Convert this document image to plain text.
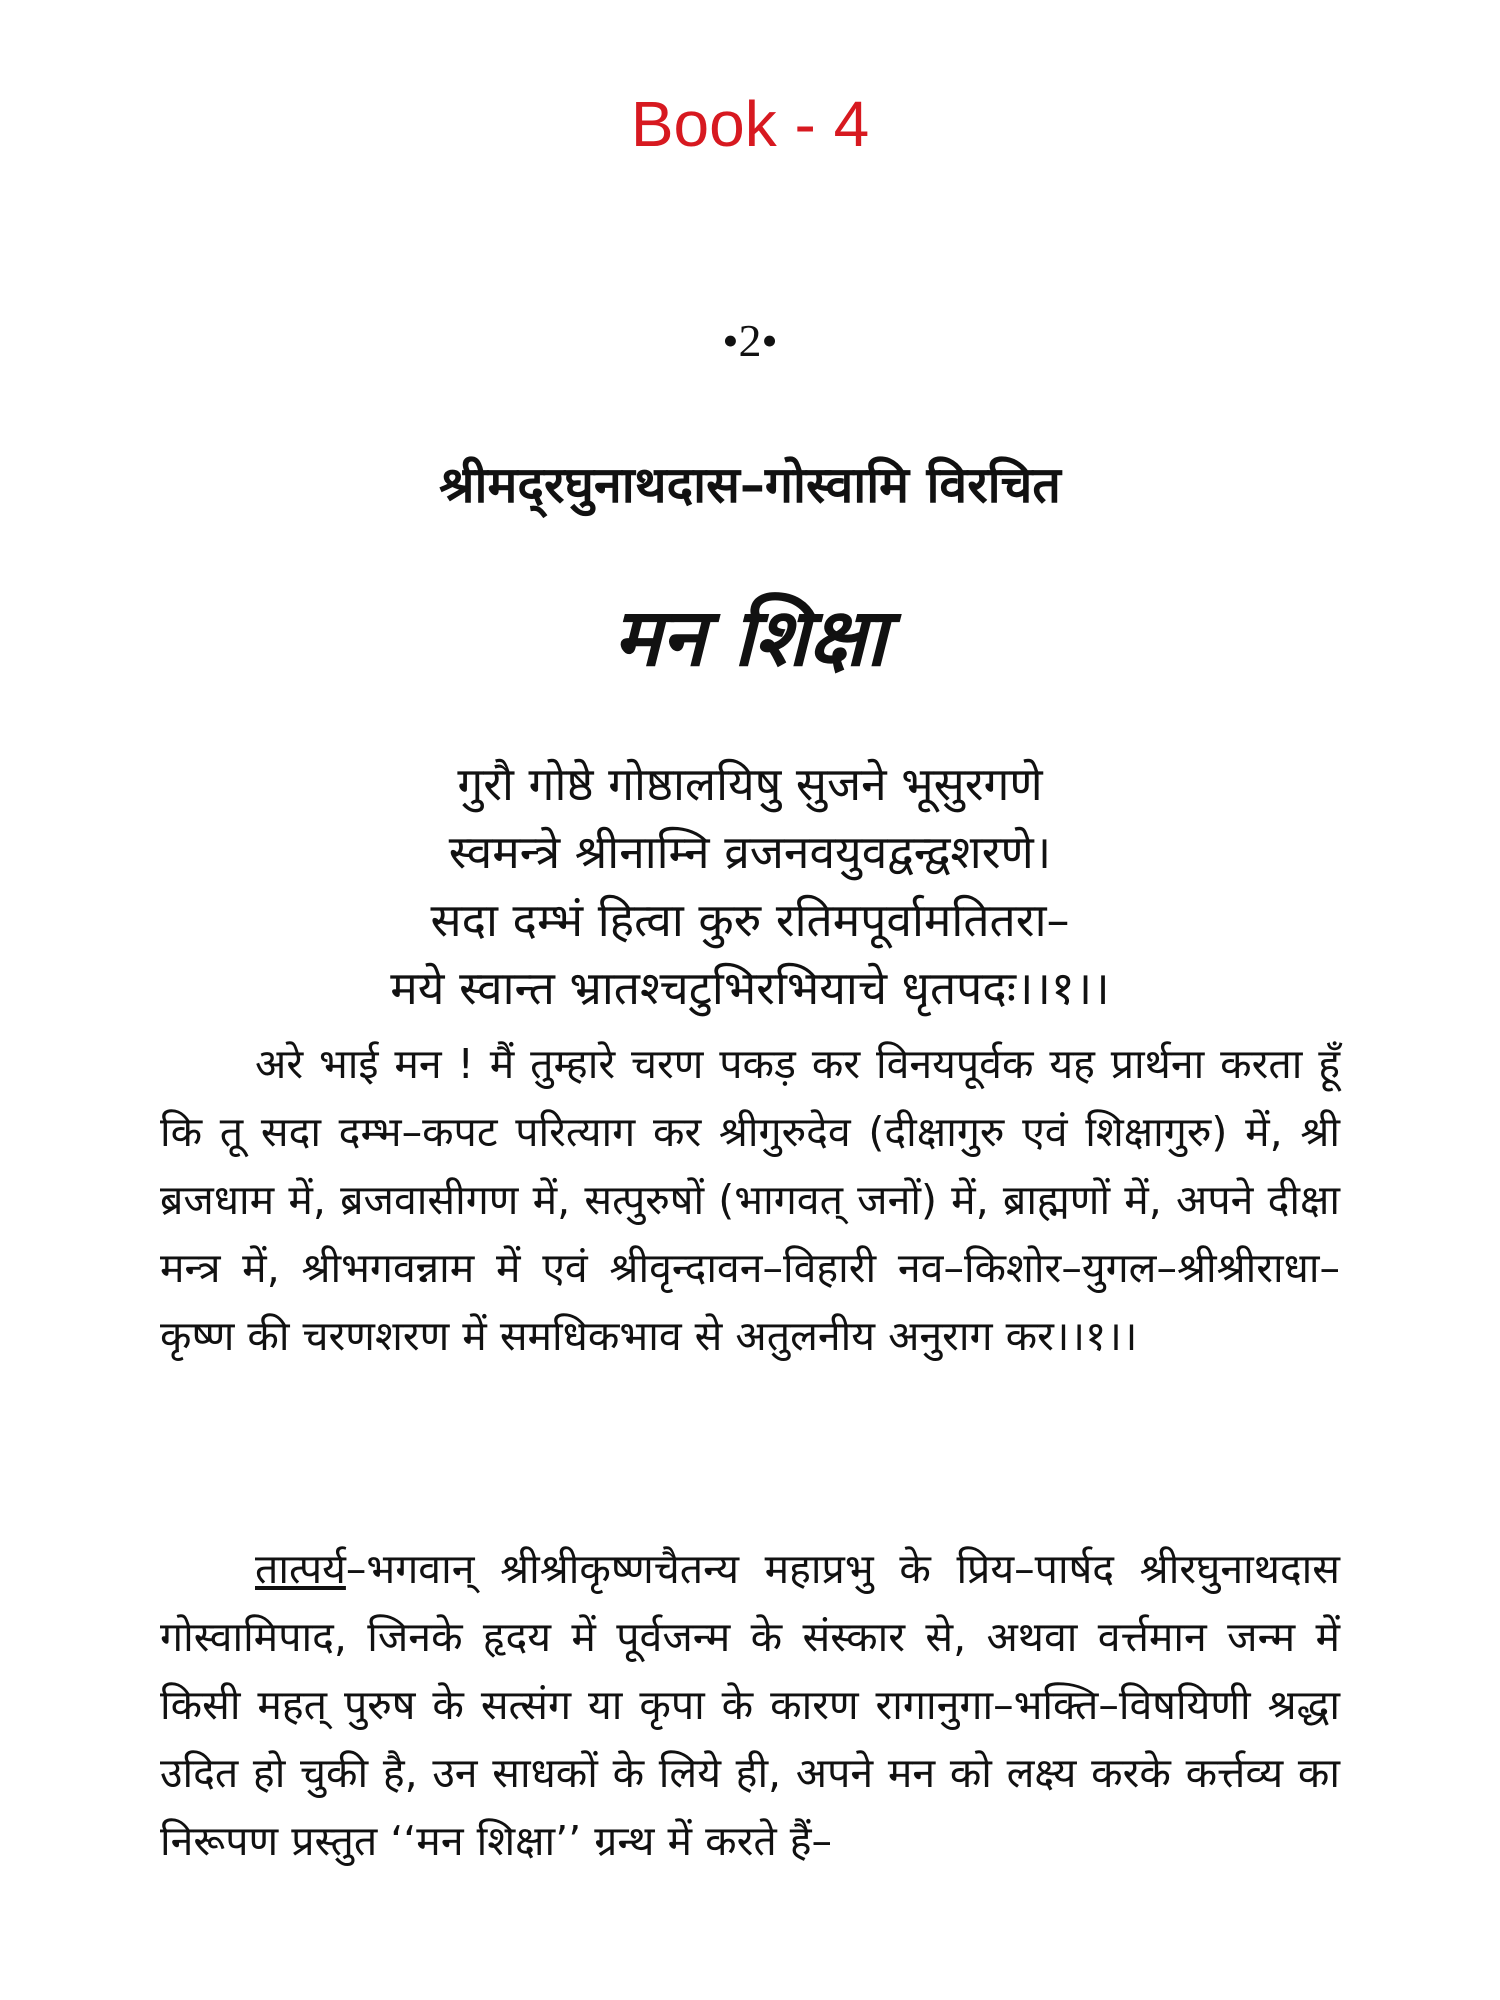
Book - 4
•2•
श्रीमद्‌रघुनाथदास–गोस्वामि विरचित
मन शिक्षा
गुरौ गोष्ठे गोष्ठालयिषु सुजने भूसुरगणे
स्वमन्त्रे श्रीनाम्नि व्रजनवयुवद्वन्द्वशरणे।
सदा दम्भं हित्वा कुरु रतिमपूर्वामतितरा–
मये स्वान्त भ्रातश्चटुभिरभियाचे धृतपदः।।१।।

अरे भाई मन ! मैं तुम्हारे चरण पकड़ कर विनयपूर्वक यह प्रार्थना करता हूँ कि तू सदा दम्भ–कपट परित्याग कर श्रीगुरुदेव (दीक्षागुरु एवं शिक्षागुरु) में, श्री ब्रजधाम में, ब्रजवासीगण में, सत्पुरुषों (भागवत् जनों) में, ब्राह्मणों में, अपने दीक्षा मन्त्र में, श्रीभगवन्नाम में एवं श्रीवृन्दावन–विहारी नव–किशोर–युगल–श्रीश्रीराधा–कृष्ण की चरणशरण में समधिकभाव से अतुलनीय अनुराग कर।।१।।

तात्पर्य–भगवान् श्रीश्रीकृष्णचैतन्य महाप्रभु के प्रिय–पार्षद श्रीरघुनाथदास गोस्वामिपाद, जिनके हृदय में पूर्वजन्म के संस्कार से, अथवा वर्त्तमान जन्म में किसी महत् पुरुष के सत्संग या कृपा के कारण रागानुगा–भक्ति–विषयिणी श्रद्धा उदित हो चुकी है, उन साधकों के लिये ही, अपने मन को लक्ष्य करके कर्त्तव्य का निरूपण प्रस्तुत ‘‘मन शिक्षा’’ ग्रन्थ में करते हैं–
